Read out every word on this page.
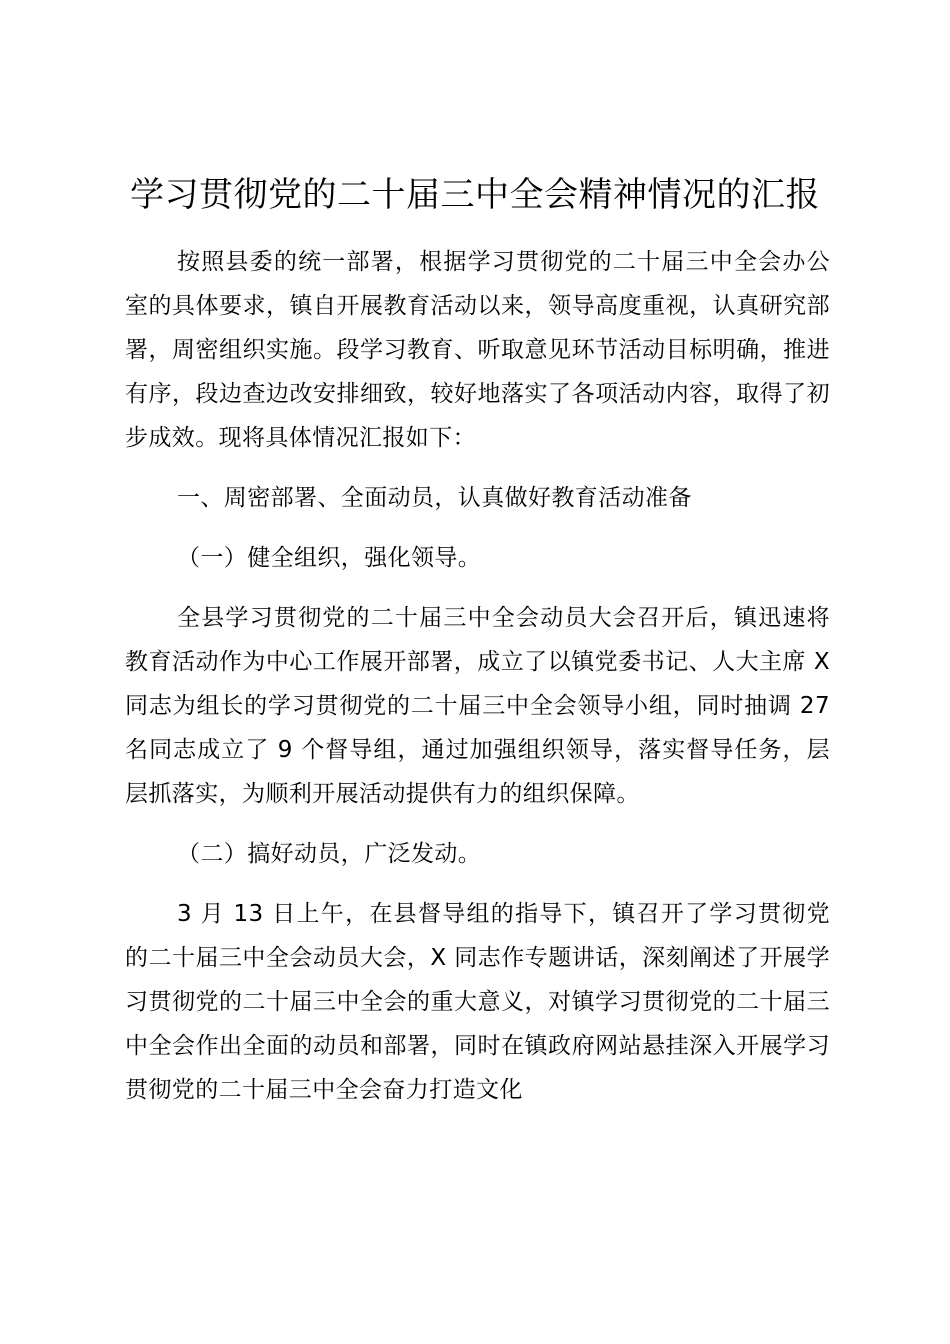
学习贯彻党的二十届三中全会精神情况的汇报

按照县委的统一部署，根据学习贯彻党的二十届三中全会办公室的具体要求，镇自开展教育活动以来，领导高度重视，认真研究部署，周密组织实施。段学习教育、听取意见环节活动目标明确，推进有序，段边查边改安排细致，较好地落实了各项活动内容，取得了初步成效。现将具体情况汇报如下：

一、周密部署、全面动员，认真做好教育活动准备

（一）健全组织，强化领导。

全县学习贯彻党的二十届三中全会动员大会召开后，镇迅速将教育活动作为中心工作展开部署，成立了以镇党委书记、人大主席 X 同志为组长的学习贯彻党的二十届三中全会领导小组，同时抽调 27 名同志成立了 9 个督导组，通过加强组织领导，落实督导任务，层层抓落实，为顺利开展活动提供有力的组织保障。

（二）搞好动员，广泛发动。

3 月 13 日上午，在县督导组的指导下，镇召开了学习贯彻党的二十届三中全会动员大会，X 同志作专题讲话，深刻阐述了开展学习贯彻党的二十届三中全会的重大意义，对镇学习贯彻党的二十届三中全会作出全面的动员和部署，同时在镇政府网站悬挂深入开展学习贯彻党的二十届三中全会奋力打造文化
